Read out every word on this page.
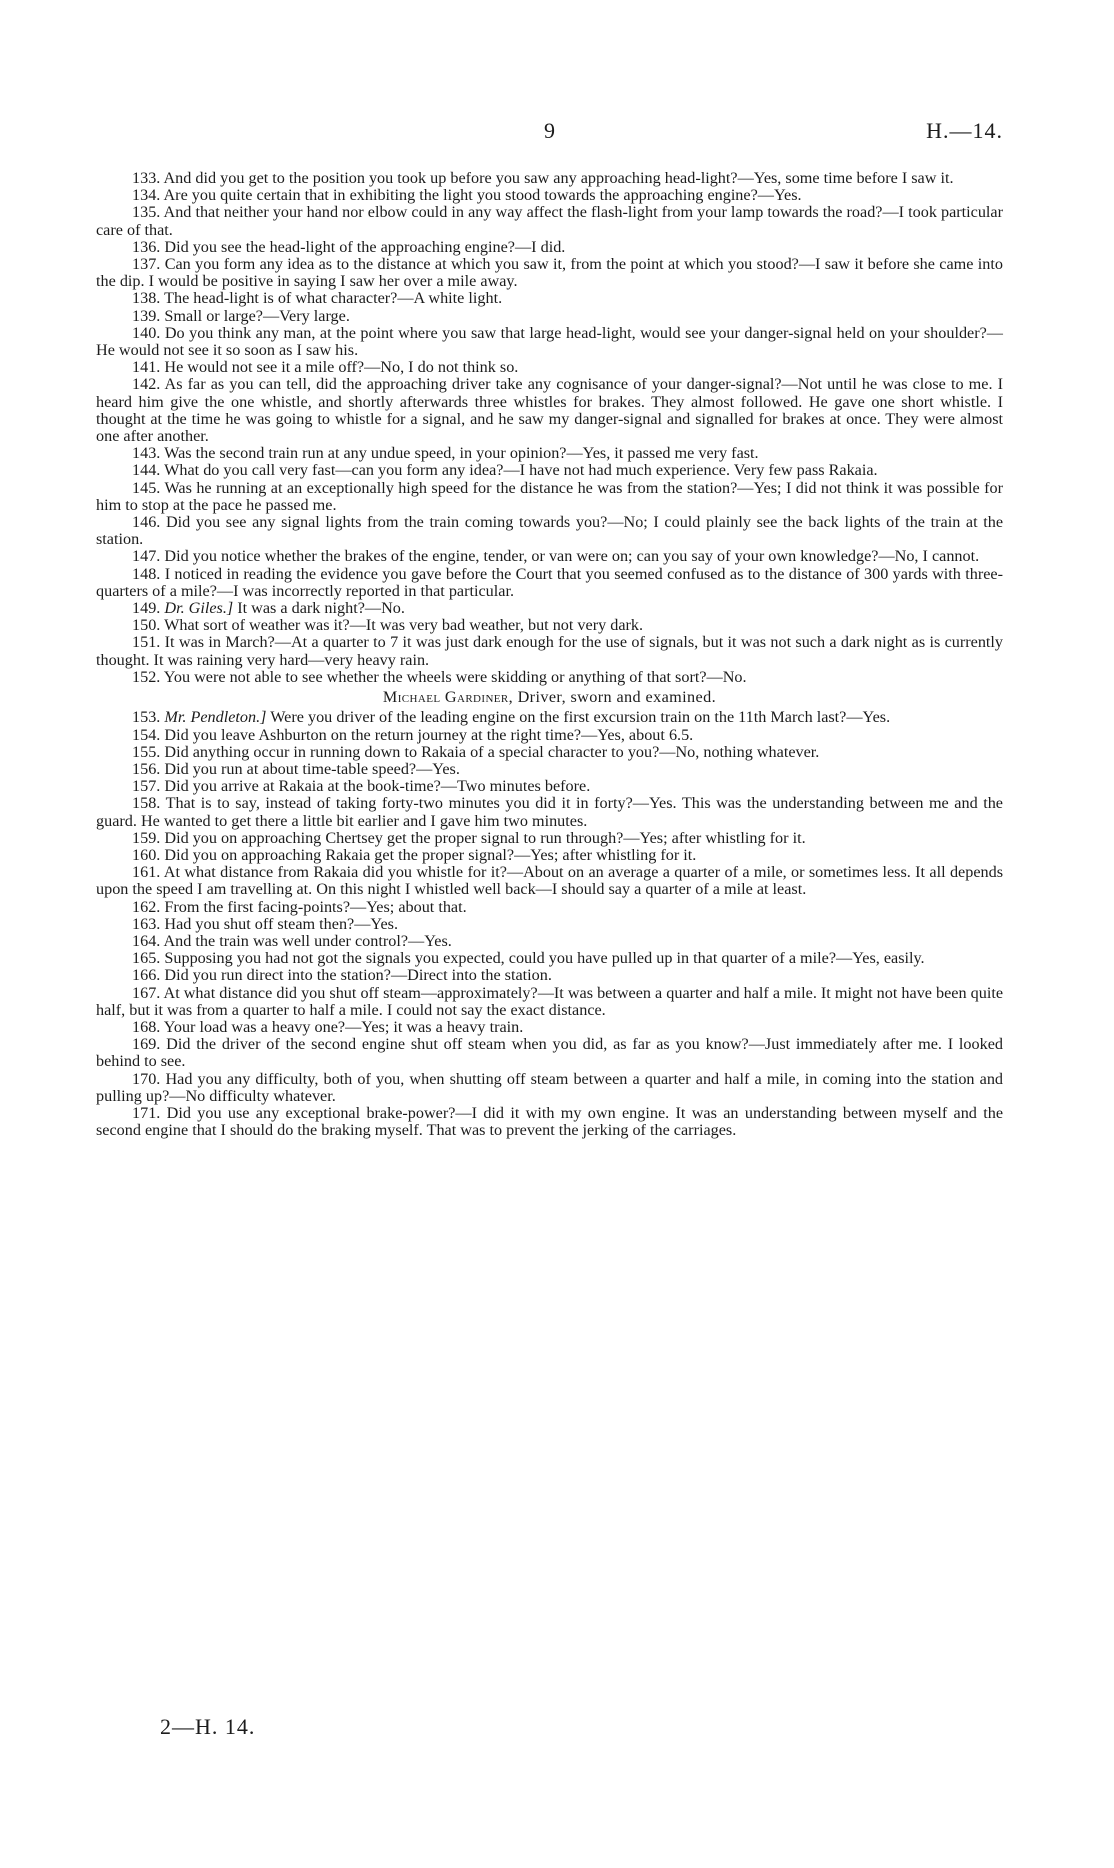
9	H.—14.

133. And did you get to the position you took up before you saw any approaching head-light?—Yes, some time before I saw it.

134. Are you quite certain that in exhibiting the light you stood towards the approaching engine?—Yes.

135. And that neither your hand nor elbow could in any way affect the flash-light from your lamp towards the road?—I took particular care of that.

136. Did you see the head-light of the approaching engine?—I did.

137. Can you form any idea as to the distance at which you saw it, from the point at which you stood?—I saw it before she came into the dip. I would be positive in saying I saw her over a mile away.

138. The head-light is of what character?—A white light.

139. Small or large?—Very large.

140. Do you think any man, at the point where you saw that large head-light, would see your danger-signal held on your shoulder?—He would not see it so soon as I saw his.

141. He would not see it a mile off?—No, I do not think so.

142. As far as you can tell, did the approaching driver take any cognisance of your danger-signal?—Not until he was close to me. I heard him give the one whistle, and shortly afterwards three whistles for brakes. They almost followed. He gave one short whistle. I thought at the time he was going to whistle for a signal, and he saw my danger-signal and signalled for brakes at once. They were almost one after another.

143. Was the second train run at any undue speed, in your opinion?—Yes, it passed me very fast.

144. What do you call very fast—can you form any idea?—I have not had much experience. Very few pass Rakaia.

145. Was he running at an exceptionally high speed for the distance he was from the station?—Yes; I did not think it was possible for him to stop at the pace he passed me.

146. Did you see any signal lights from the train coming towards you?—No; I could plainly see the back lights of the train at the station.

147. Did you notice whether the brakes of the engine, tender, or van were on; can you say of your own knowledge?—No, I cannot.

148. I noticed in reading the evidence you gave before the Court that you seemed confused as to the distance of 300 yards with three-quarters of a mile?—I was incorrectly reported in that particular.

149. Dr. Giles.] It was a dark night?—No.

150. What sort of weather was it?—It was very bad weather, but not very dark.

151. It was in March?—At a quarter to 7 it was just dark enough for the use of signals, but it was not such a dark night as is currently thought. It was raining very hard—very heavy rain.

152. You were not able to see whether the wheels were skidding or anything of that sort?—No.

Michael Gardiner, Driver, sworn and examined.

153. Mr. Pendleton.] Were you driver of the leading engine on the first excursion train on the 11th March last?—Yes.

154. Did you leave Ashburton on the return journey at the right time?—Yes, about 6.5.

155. Did anything occur in running down to Rakaia of a special character to you?—No, nothing whatever.

156. Did you run at about time-table speed?—Yes.

157. Did you arrive at Rakaia at the book-time?—Two minutes before.

158. That is to say, instead of taking forty-two minutes you did it in forty?—Yes. This was the understanding between me and the guard. He wanted to get there a little bit earlier and I gave him two minutes.

159. Did you on approaching Chertsey get the proper signal to run through?—Yes; after whistling for it.

160. Did you on approaching Rakaia get the proper signal?—Yes; after whistling for it.

161. At what distance from Rakaia did you whistle for it?—About on an average a quarter of a mile, or sometimes less. It all depends upon the speed I am travelling at. On this night I whistled well back—I should say a quarter of a mile at least.

162. From the first facing-points?—Yes; about that.

163. Had you shut off steam then?—Yes.

164. And the train was well under control?—Yes.

165. Supposing you had not got the signals you expected, could you have pulled up in that quarter of a mile?—Yes, easily.

166. Did you run direct into the station?—Direct into the station.

167. At what distance did you shut off steam—approximately?—It was between a quarter and half a mile. It might not have been quite half, but it was from a quarter to half a mile. I could not say the exact distance.

168. Your load was a heavy one?—Yes; it was a heavy train.

169. Did the driver of the second engine shut off steam when you did, as far as you know?—Just immediately after me. I looked behind to see.

170. Had you any difficulty, both of you, when shutting off steam between a quarter and half a mile, in coming into the station and pulling up?—No difficulty whatever.

171. Did you use any exceptional brake-power?—I did it with my own engine. It was an understanding between myself and the second engine that I should do the braking myself. That was to prevent the jerking of the carriages.

2—H. 14.
